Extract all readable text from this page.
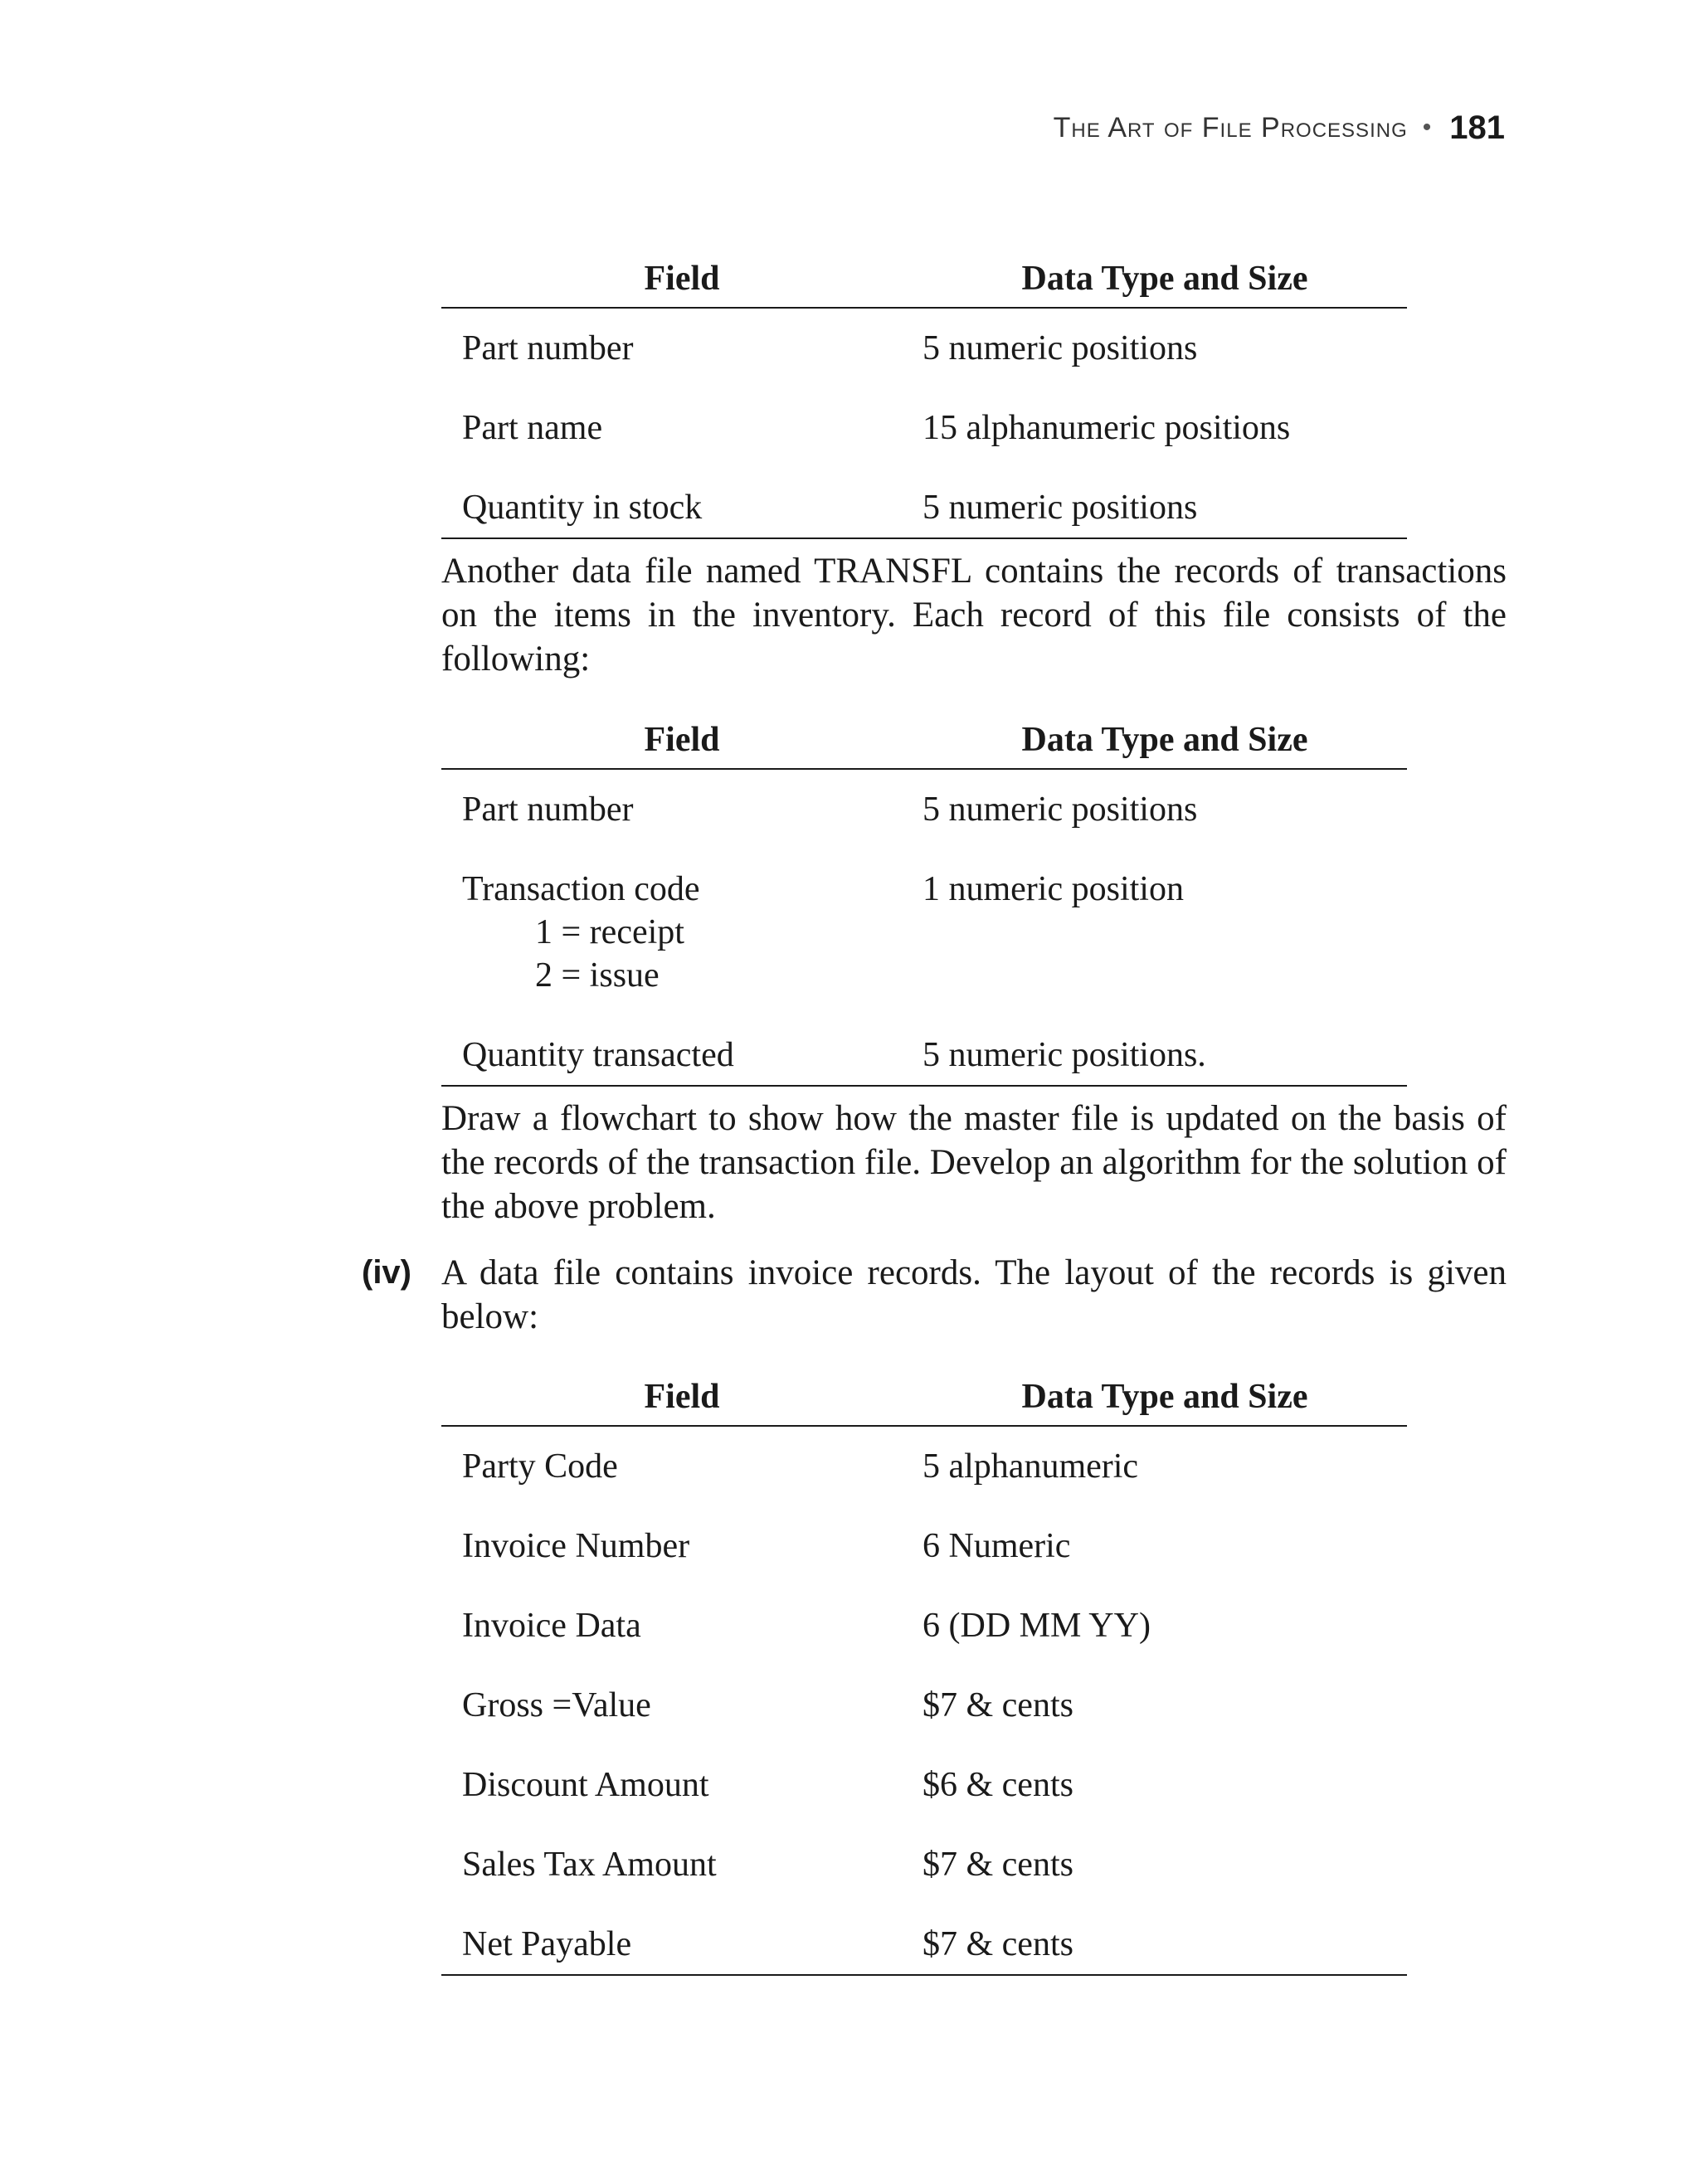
The Art of File Processing • 181
Field	Data Type and Size
Part number	5 numeric positions
Part name	15 alphanumeric positions
Quantity in stock	5 numeric positions

Another data file named TRANSFL contains the records of transactions on the items in the inventory. Each record of this file consists of the following:

Field	Data Type and Size
Part number	5 numeric positions
Transaction code
1 = receipt
2 = issue	1 numeric position
Quantity transacted	5 numeric positions.

Draw a flowchart to show how the master file is updated on the basis of the records of the transaction file. Develop an algorithm for the solution of the above problem.

(iv) A data file contains invoice records. The layout of the records is given below:

Field	Data Type and Size
Party Code	5 alphanumeric
Invoice Number	6 Numeric
Invoice Data	6 (DD MM YY)
Gross =Value	$7 & cents
Discount Amount	$6 & cents
Sales Tax Amount	$7 & cents
Net Payable	$7 & cents
